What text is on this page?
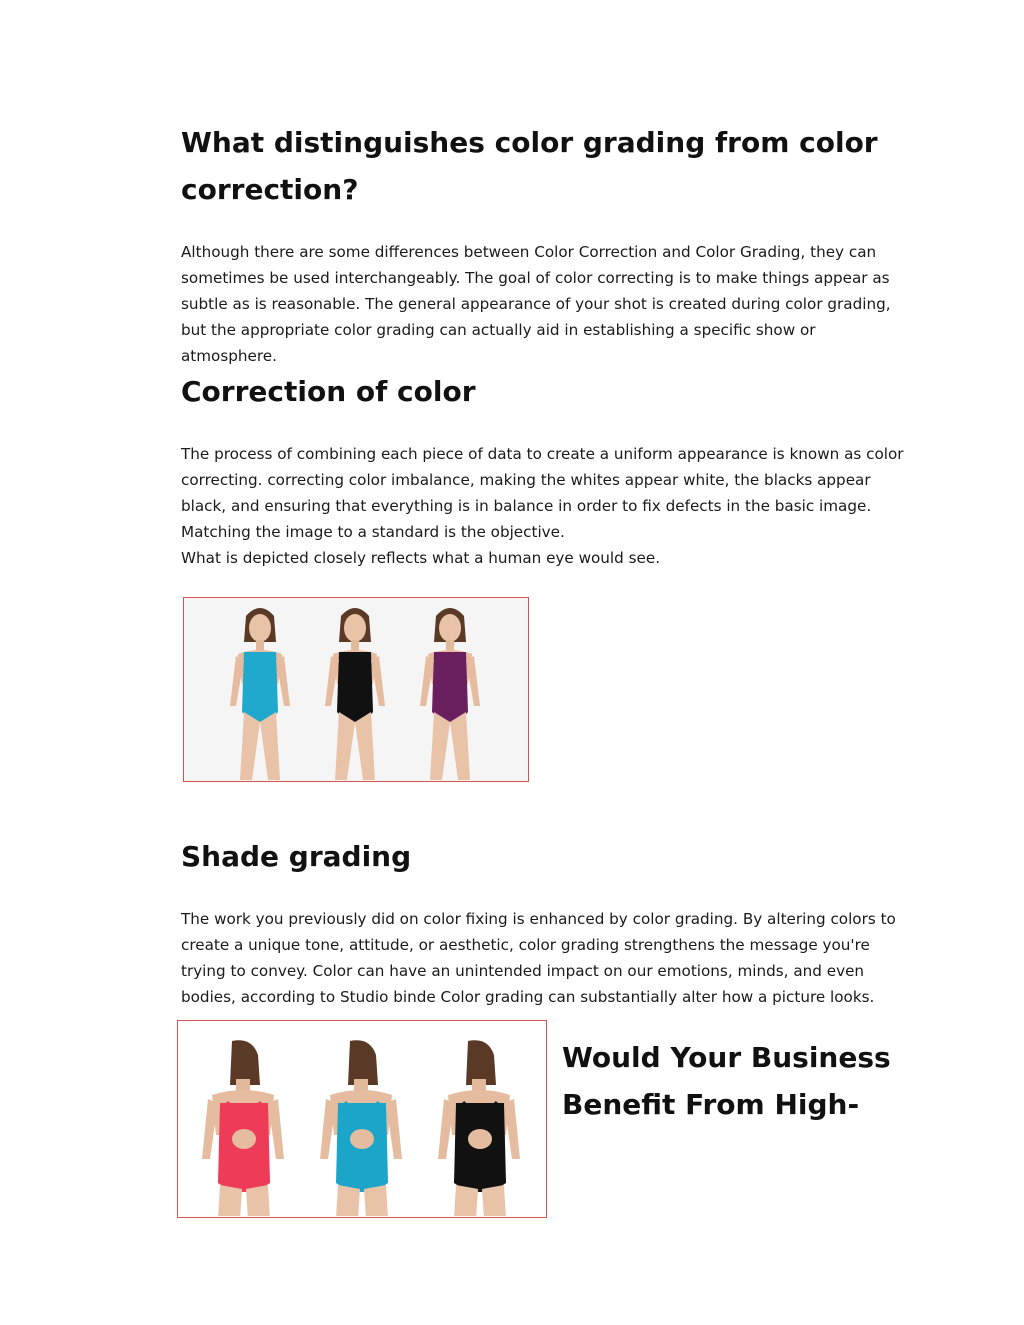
What distinguishes color grading from color correction?

Although there are some differences between Color Correction and Color Grading, they can sometimes be used interchangeably. The goal of color correcting is to make things appear as subtle as is reasonable. The general appearance of your shot is created during color grading, but the appropriate color grading can actually aid in establishing a specific show or atmosphere.

Correction of color

The process of combining each piece of data to create a uniform appearance is known as color correcting. correcting color imbalance, making the whites appear white, the blacks appear black, and ensuring that everything is in balance in order to fix defects in the basic image. Matching the image to a standard is the objective.
What is depicted closely reflects what a human eye would see.

Shade grading

The work you previously did on color fixing is enhanced by color grading. By altering colors to create a unique tone, attitude, or aesthetic, color grading strengthens the message you're trying to convey. Color can have an unintended impact on our emotions, minds, and even bodies, according to Studio binde Color grading can substantially alter how a picture looks.

Would Your Business Benefit From High-
